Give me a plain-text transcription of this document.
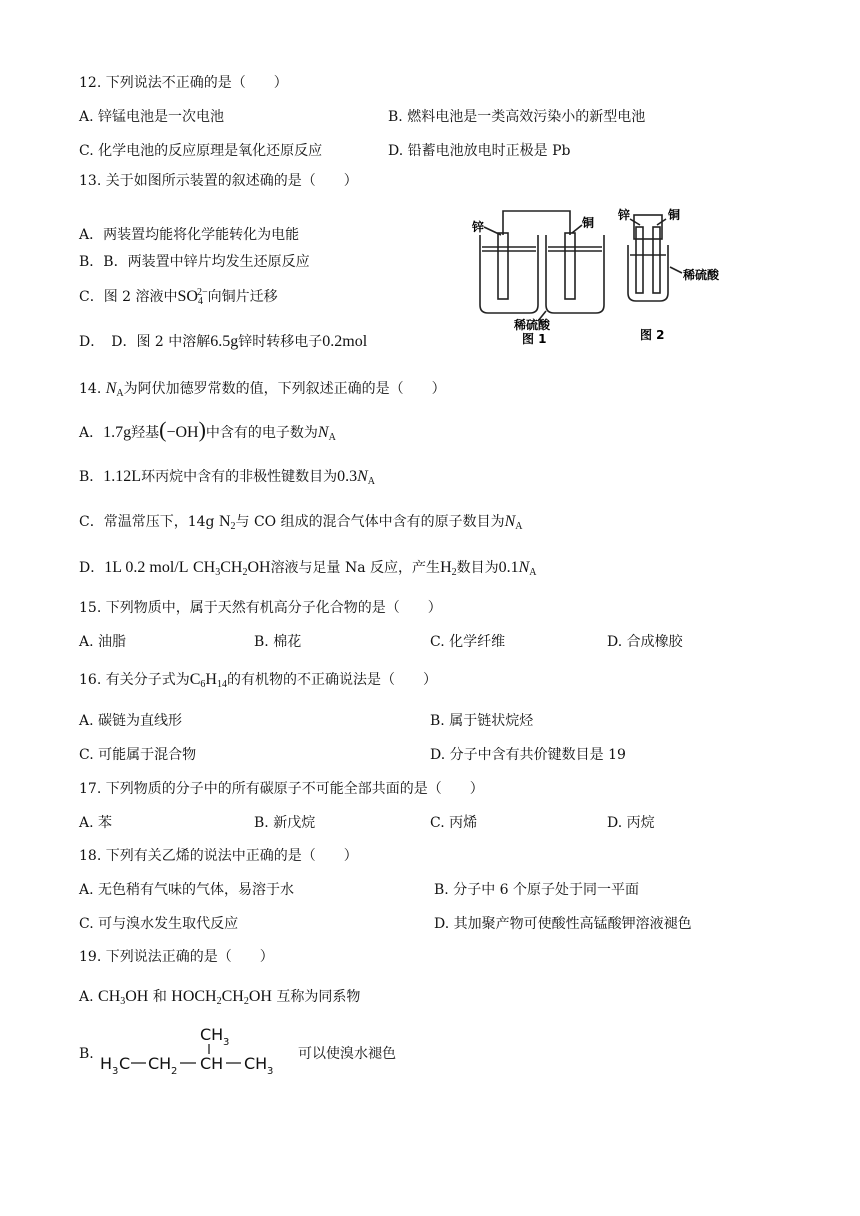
12. 下列说法不正确的是（　　）
A. 锌锰电池是一次电池	B. 燃料电池是一类高效污染小的新型电池
C. 化学电池的反应原理是氧化还原反应	D. 铅蓄电池放电时正极是 Pb
13. 关于如图所示装置的叙述确的是（　　）
A．两装置均能将化学能转化为电能
B．B．两装置中锌片均发生还原反应
C．图 2 溶液中$SO_4^{2-}$向铜片迁移
D．　D．图 2 中溶解6.5g锌时转移电子0.2mol
锌	铜
稀硫酸
图 1
锌	铜
稀硫酸
图 2
14. $N_A$为阿伏加德罗常数的值，下列叙述正确的是（　　）
A．1.7g羟基(−OH)中含有的电子数为$N_A$
B．1.12L环丙烷中含有的非极性键数目为$0.3N_A$
C．常温常压下，14g $N_2$与 CO 组成的混合气体中含有的原子数目为$N_A$
D．1L 0.2 mol/L $CH_3CH_2OH$溶液与足量 Na 反应，产生$H_2$数目为$0.1N_A$
15. 下列物质中，属于天然有机高分子化合物的是（　　）
A. 油脂	B. 棉花	C. 化学纤维	D. 合成橡胶
16. 有关分子式为$C_6H_{14}$的有机物的不正确说法是（　　）
A. 碳链为直线形	B. 属于链状烷烃
C. 可能属于混合物	D. 分子中含有共价键数目是 19
17. 下列物质的分子中的所有碳原子不可能全部共面的是（　　）
A. 苯	B. 新戊烷	C. 丙烯	D. 丙烷
18. 下列有关乙烯的说法中正确的是（　　）
A. 无色稍有气味的气体，易溶于水	B. 分子中 6 个原子处于同一平面
C. 可与溴水发生取代反应	D. 其加聚产物可使酸性高锰酸钾溶液褪色
19. 下列说法正确的是（　　）
A. $CH_3OH$ 和 $HOCH_2CH_2OH$ 互称为同系物
B.
CH 3
H 3 C CH 2 CH CH 3
可以使溴水褪色
